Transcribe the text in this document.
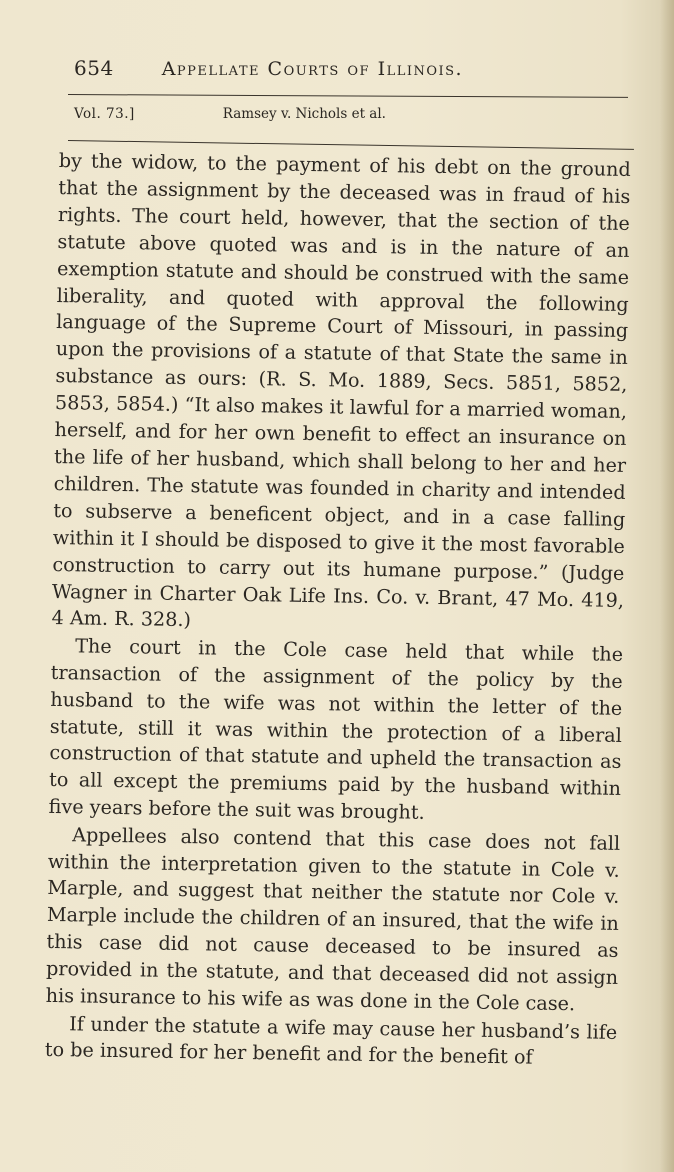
654	Appellate Courts of Illinois.
Vol. 73.]	Ramsey v. Nichols et al.

by the widow, to the payment of his debt on the ground that the assignment by the deceased was in fraud of his rights. The court held, however, that the section of the statute above quoted was and is in the nature of an exemption statute and should be construed with the same liberality, and quoted with approval the following language of the Supreme Court of Missouri, in passing upon the provisions of a statute of that State the same in substance as ours: (R. S. Mo. 1889, Secs. 5851, 5852, 5853, 5854.) “It also makes it lawful for a married woman, herself, and for her own benefit to effect an insurance on the life of her husband, which shall belong to her and her children. The statute was founded in charity and intended to subserve a beneficent object, and in a case falling within it I should be disposed to give it the most favorable construction to carry out its humane purpose.” (Judge Wagner in Charter Oak Life Ins. Co. v. Brant, 47 Mo. 419, 4 Am. R. 328.)

The court in the Cole case held that while the transaction of the assignment of the policy by the husband to the wife was not within the letter of the statute, still it was within the protection of a liberal construction of that statute and upheld the transaction as to all except the premiums paid by the husband within five years before the suit was brought.

Appellees also contend that this case does not fall within the interpretation given to the statute in Cole v. Marple, and suggest that neither the statute nor Cole v. Marple include the children of an insured, that the wife in this case did not cause deceased to be insured as provided in the statute, and that deceased did not assign his insurance to his wife as was done in the Cole case.

If under the statute a wife may cause her husband’s life to be insured for her benefit and for the benefit of
